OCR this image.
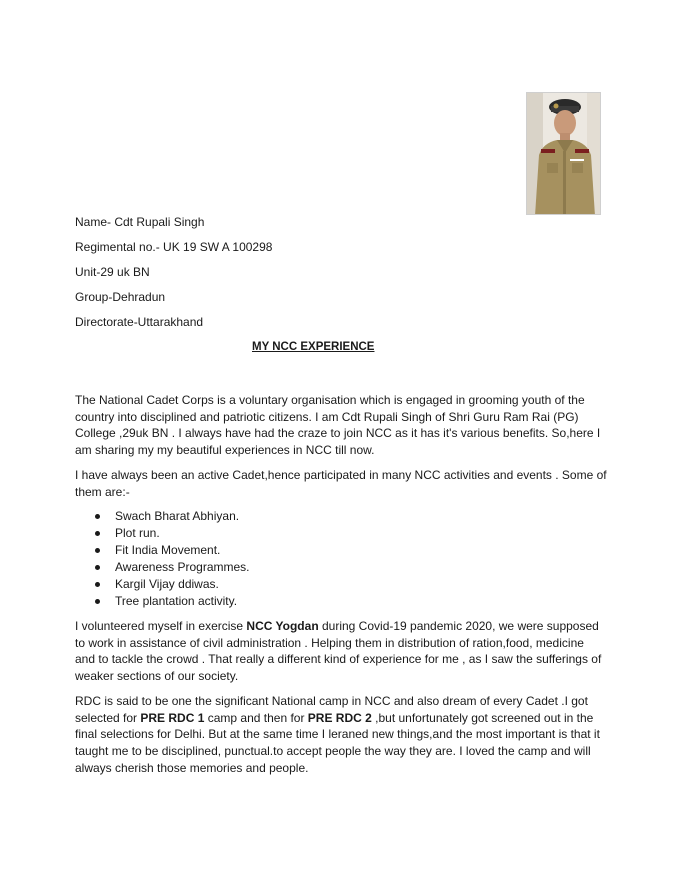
Name- Cdt Rupali Singh
Regimental no.- UK 19 SW A 100298
Unit-29 uk BN
Group-Dehradun
Directorate-Uttarakhand
MY NCC EXPERIENCE

The National Cadet Corps is a voluntary organisation which is engaged in grooming youth of the country into disciplined and patriotic citizens. I am Cdt Rupali Singh of Shri Guru Ram Rai (PG) College ,29uk BN . I always have had the craze to join NCC as it has it's various benefits. So,here I am sharing my my beautiful experiences in NCC till now.

I have always been an active Cadet,hence participated in many NCC activities and events . Some of them are:-

Swach Bharat Abhiyan.
Plot run.
Fit India Movement.
Awareness Programmes.
Kargil Vijay ddiwas.
Tree plantation activity.

I volunteered myself in exercise NCC Yogdan during Covid-19 pandemic 2020, we were supposed to work in assistance of civil administration . Helping them in distribution of ration,food, medicine and to tackle the crowd . That really a different kind of experience for me , as I saw the sufferings of weaker sections of our society.

RDC is said to be one the significant National camp in NCC and also dream of every Cadet .I got selected for PRE RDC 1 camp and then for PRE RDC 2 ,but unfortunately got screened out in the final selections for Delhi. But at the same time I leraned new things,and the most important is that it taught me to be disciplined, punctual.to accept people the way they are. I loved the camp and will always cherish those memories and people.
